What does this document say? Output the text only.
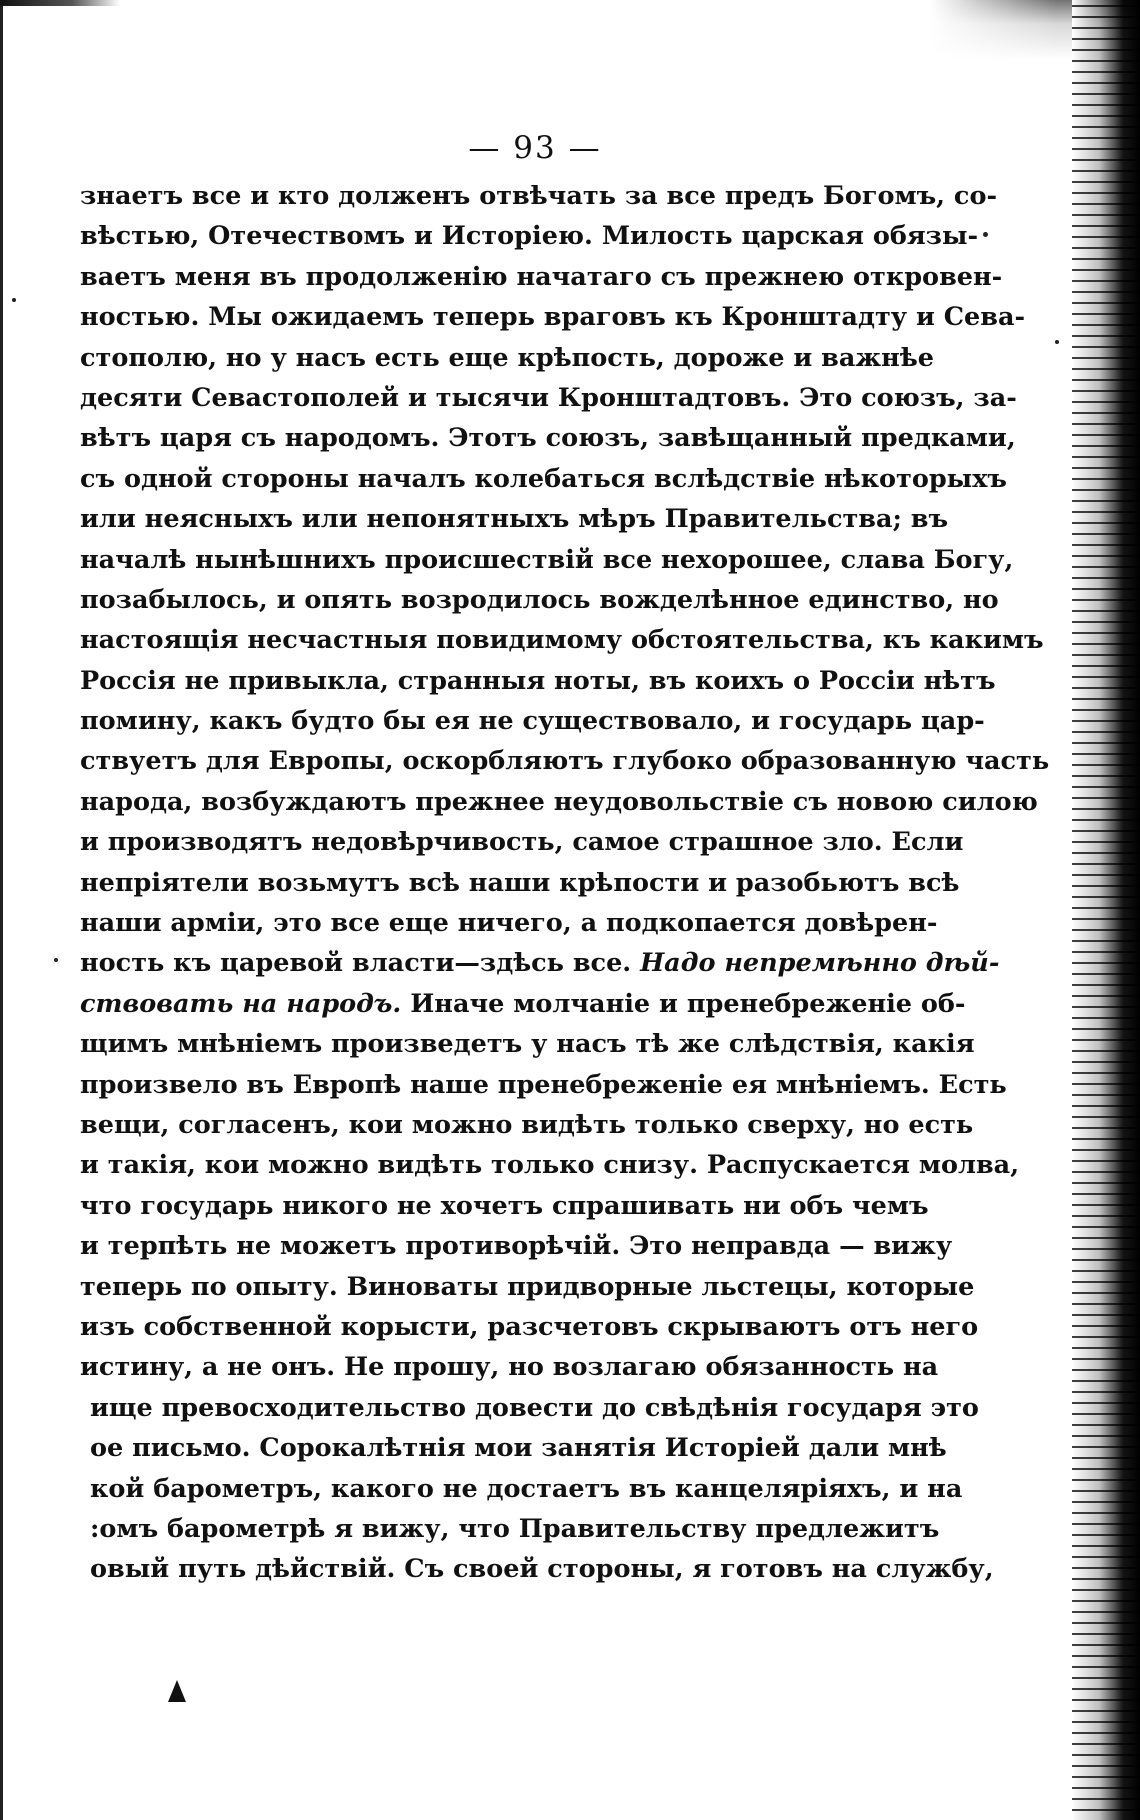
— 93 —
знаетъ все и кто долженъ отвѣчать за все предъ Богомъ, со-
вѣстью, Отечествомъ и Исторіею. Милость царская обязы-
ваетъ меня въ продолженію начатаго съ прежнею откровен-
ностью. Мы ожидаемъ теперь враговъ къ Кронштадту и Сева-
стополю, но у насъ есть еще крѣпость, дороже и важнѣе
десяти Севастополей и тысячи Кронштадтовъ. Это союзъ, за-
вѣтъ царя съ народомъ. Этотъ союзъ, завѣщанный предками,
съ одной стороны началъ колебаться вслѣдствіе нѣкоторыхъ
или неясныхъ или непонятныхъ мѣръ Правительства; въ
началѣ нынѣшнихъ происшествій все нехорошее, слава Богу,
позабылось, и опять возродилось вожделѣнное единство, но
настоящія несчастныя повидимому обстоятельства, къ какимъ
Россія не привыкла, странныя ноты, въ коихъ о Россіи нѣтъ
помину, какъ будто бы ея не существовало, и государь цар-
ствуетъ для Европы, оскорбляютъ глубоко образованную часть
народа, возбуждаютъ прежнее неудовольствіе съ новою силою
и производятъ недовѣрчивость, самое страшное зло. Если
непріятели возьмутъ всѣ наши крѣпости и разобьютъ всѣ
наши арміи, это все еще ничего, а подкопается довѣрен-
ность къ царевой власти—здѣсь все. Надо непремѣнно дѣй-
ствовать на народъ. Иначе молчаніе и пренебреженіе об-
щимъ мнѣніемъ произведетъ у насъ тѣ же слѣдствія, какія
произвело въ Европѣ наше пренебреженіе ея мнѣніемъ. Есть
вещи, согласенъ, кои можно видѣть только сверху, но есть
и такія, кои можно видѣть только снизу. Распускается молва,
что государь никого не хочетъ спрашивать ни объ чемъ
и терпѣть не можетъ противорѣчій. Это неправда — вижу
теперь по опыту. Виноваты придворные льстецы, которые
изъ собственной корысти, разсчетовъ скрываютъ отъ него
истину, а не онъ. Не прошу, но возлагаю обязанность на
ище превосходительство довести до свѣдѣнія государя это
ое письмо. Сорокалѣтнія мои занятія Исторіей дали мнѣ
кой барометръ, какого не достаетъ въ канцеляріяхъ, и на
:омъ барометрѣ я вижу, что Правительству предлежитъ
овый путь дѣйствій. Съ своей стороны, я готовъ на службу,
